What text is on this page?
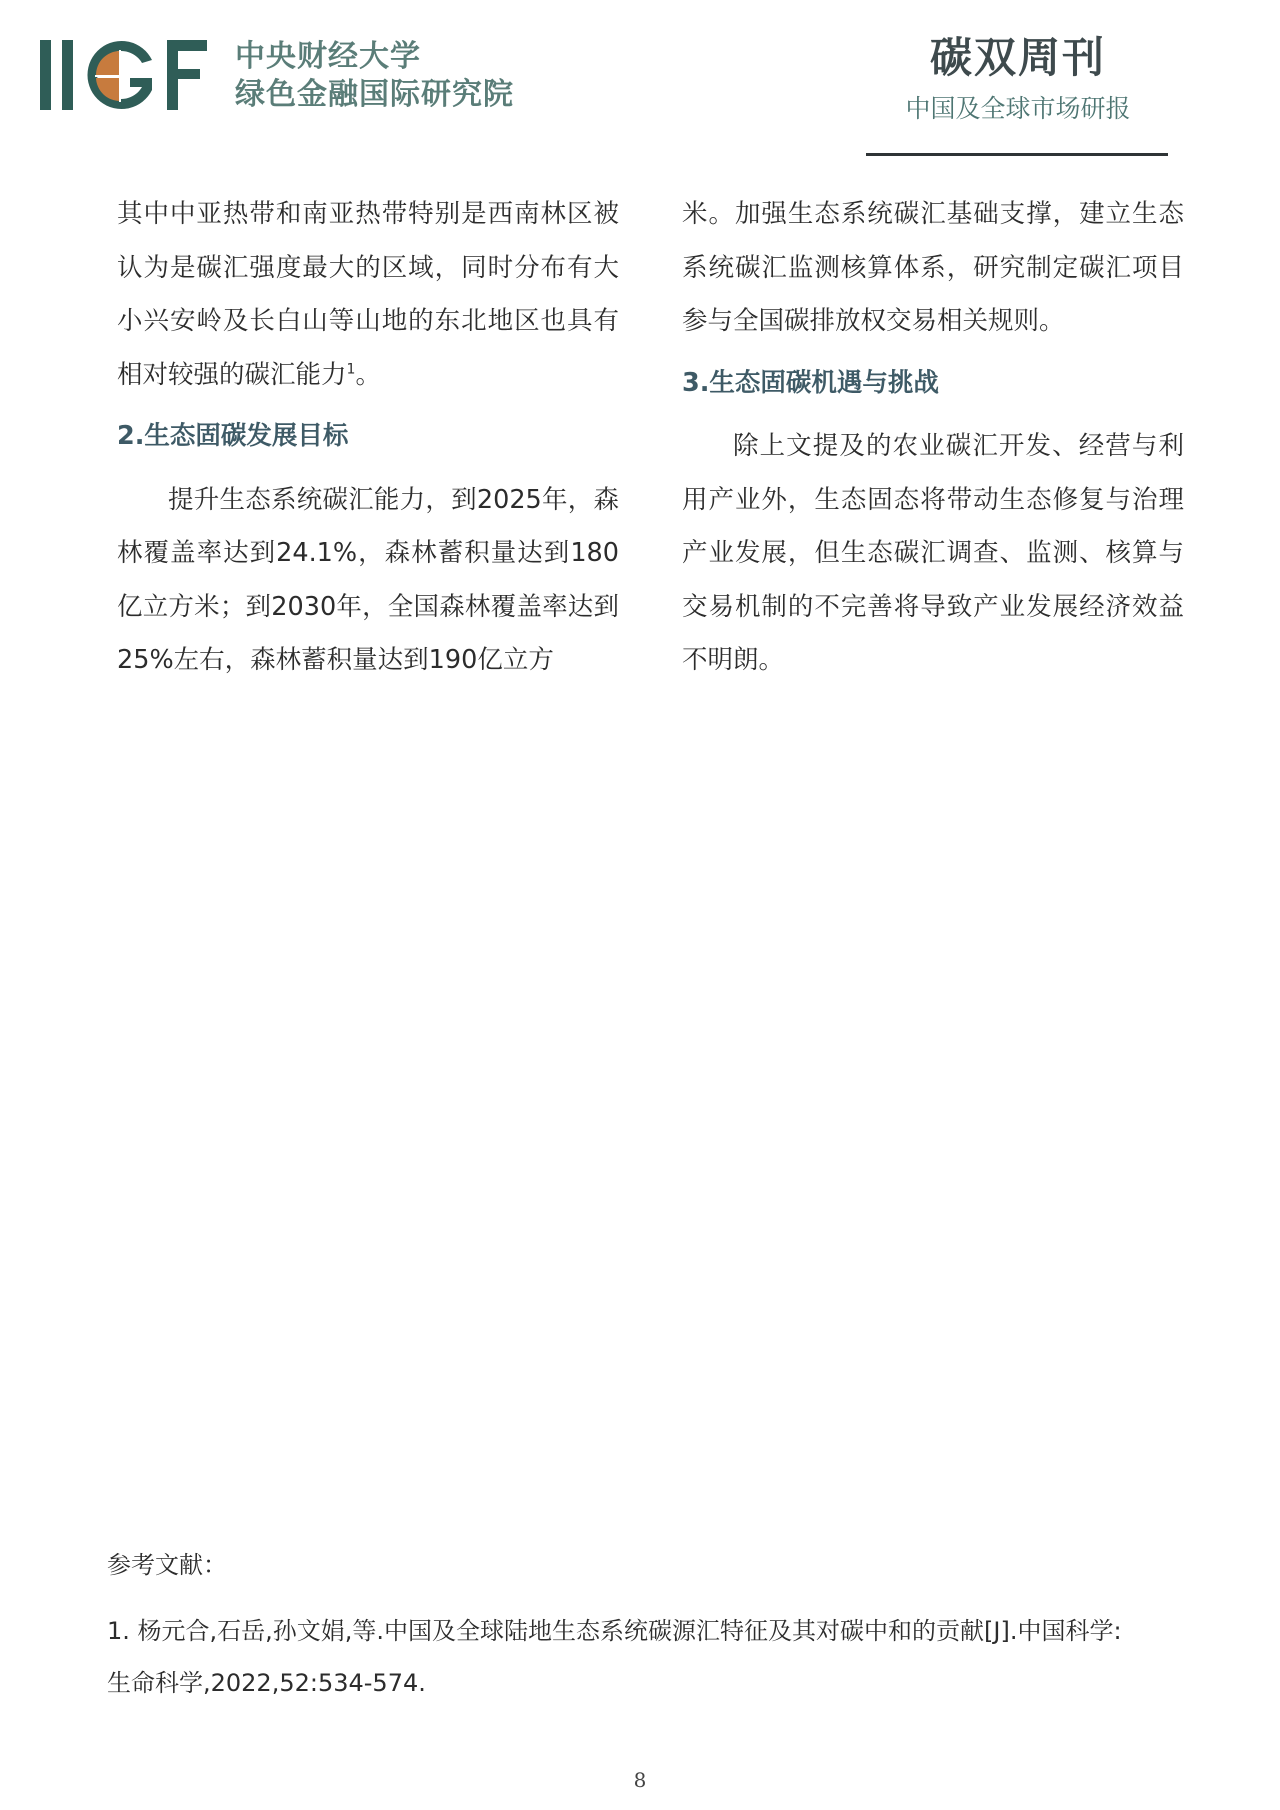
中央财经大学
绿色金融国际研究院
碳双周刊
中国及全球市场研报

其中中亚热带和南亚热带特别是西南林区被认为是碳汇强度最大的区域，同时分布有大小兴安岭及长白山等山地的东北地区也具有相对较强的碳汇能力$^1$。

2.生态固碳发展目标

提升生态系统碳汇能力，到2025年，森林覆盖率达到24.1%，森林蓄积量达到180亿立方米；到2030年，全国森林覆盖率达到25%左右，森林蓄积量达到190亿立方

米。加强生态系统碳汇基础支撑，建立生态系统碳汇监测核算体系，研究制定碳汇项目参与全国碳排放权交易相关规则。

3.生态固碳机遇与挑战

除上文提及的农业碳汇开发、经营与利用产业外，生态固态将带动生态修复与治理产业发展，但生态碳汇调查、监测、核算与交易机制的不完善将导致产业发展经济效益不明朗。

参考文献：

1. 杨元合,石岳,孙文娟,等.中国及全球陆地生态系统碳源汇特征及其对碳中和的贡献[J].中国科学:

生命科学,2022,52:534-574.

8
